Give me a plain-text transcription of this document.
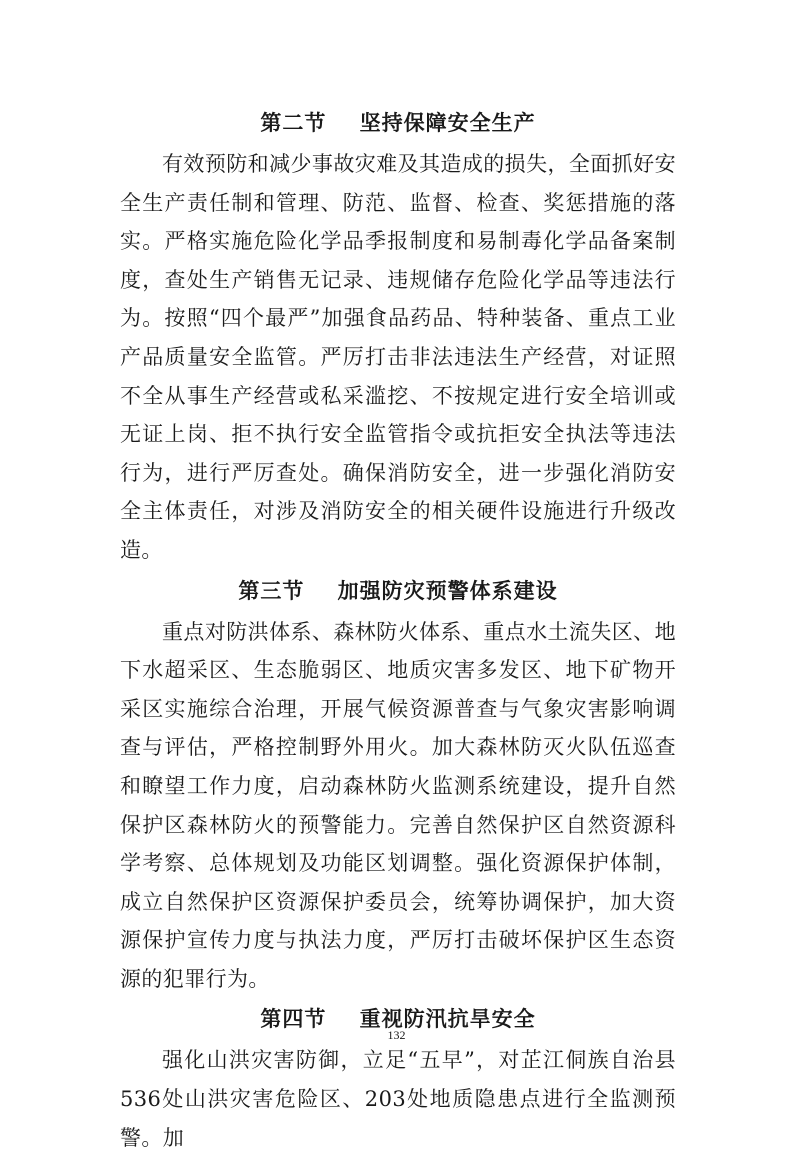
第二节    坚持保障安全生产

有效预防和减少事故灾难及其造成的损失，全面抓好安全生产责任制和管理、防范、监督、检查、奖惩措施的落实。严格实施危险化学品季报制度和易制毒化学品备案制度，查处生产销售无记录、违规储存危险化学品等违法行为。按照“四个最严”加强食品药品、特种装备、重点工业产品质量安全监管。严厉打击非法违法生产经营，对证照不全从事生产经营或私采滥挖、不按规定进行安全培训或无证上岗、拒不执行安全监管指令或抗拒安全执法等违法行为，进行严厉查处。确保消防安全，进一步强化消防安全主体责任，对涉及消防安全的相关硬件设施进行升级改造。

第三节    加强防灾预警体系建设

重点对防洪体系、森林防火体系、重点水土流失区、地下水超采区、生态脆弱区、地质灾害多发区、地下矿物开采区实施综合治理，开展气候资源普查与气象灾害影响调查与评估，严格控制野外用火。加大森林防灭火队伍巡查和瞭望工作力度，启动森林防火监测系统建设，提升自然保护区森林防火的预警能力。完善自然保护区自然资源科学考察、总体规划及功能区划调整。强化资源保护体制，成立自然保护区资源保护委员会，统筹协调保护，加大资源保护宣传力度与执法力度，严厉打击破坏保护区生态资源的犯罪行为。

第四节    重视防汛抗旱安全

强化山洪灾害防御，立足“五早”，对芷江侗族自治县536处山洪灾害危险区、203处地质隐患点进行全监测预警。加

132
